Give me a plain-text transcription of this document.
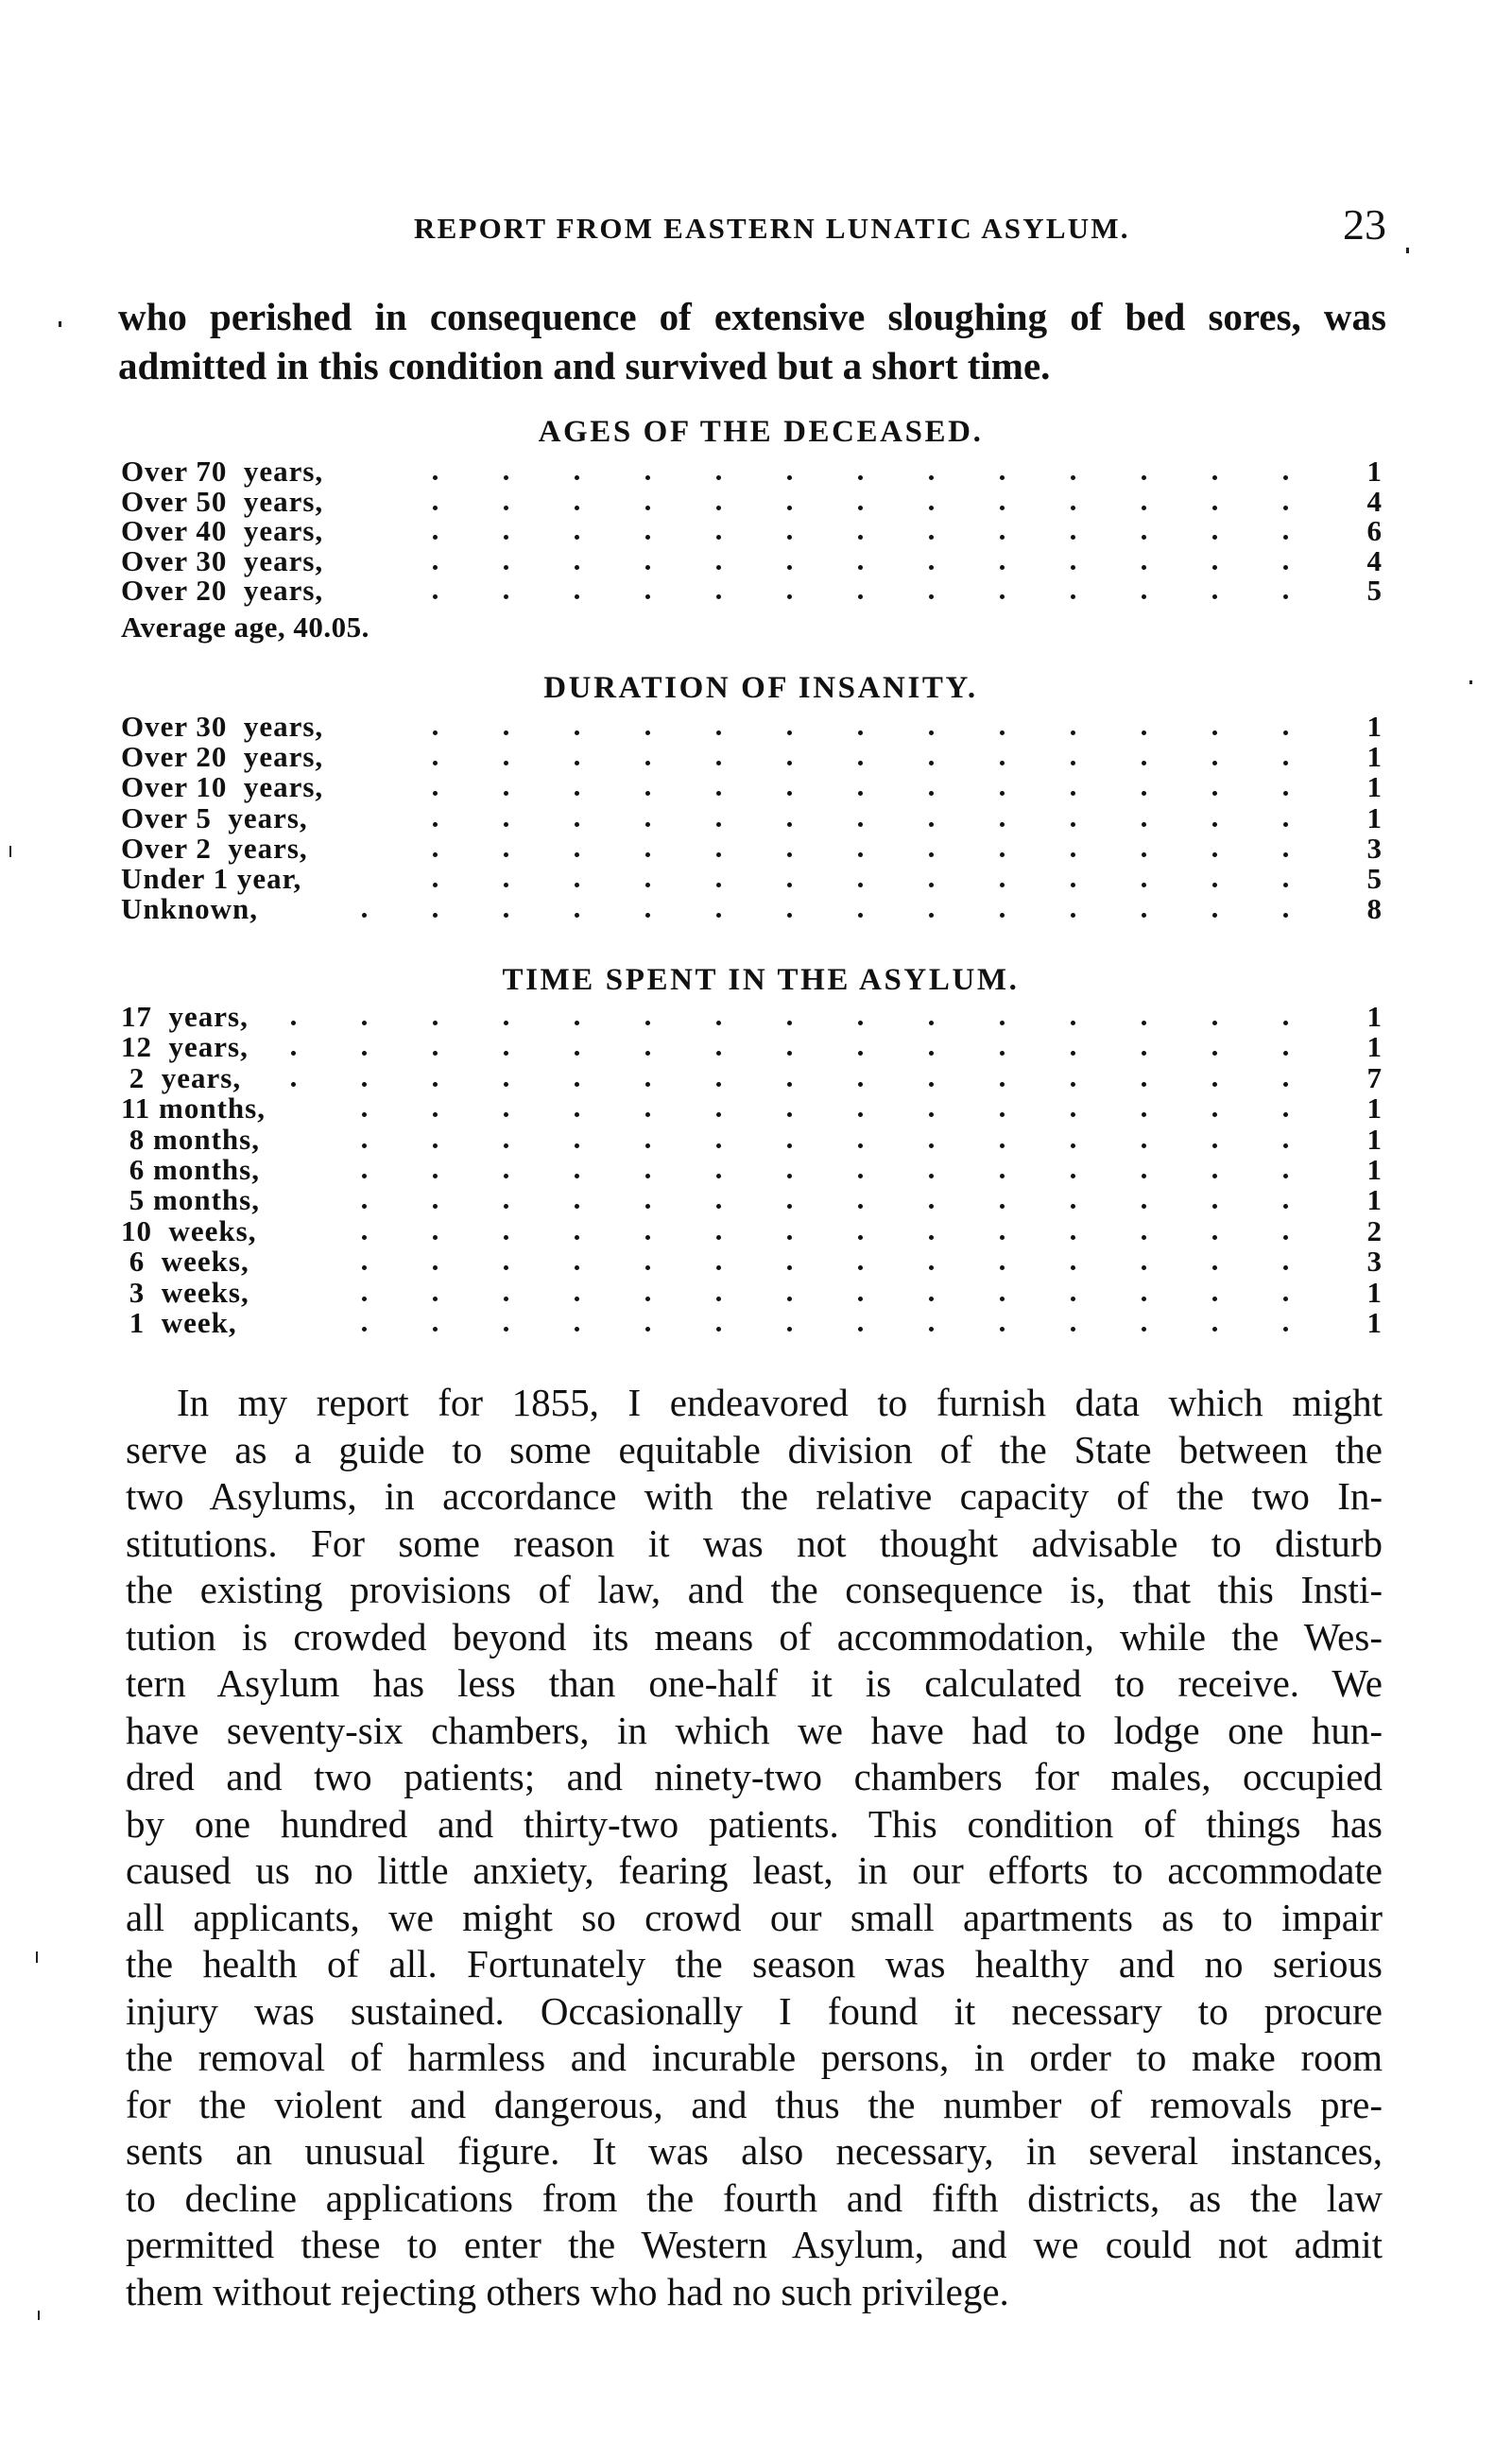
REPORT FROM EASTERN LUNATIC ASYLUM.	23
who perished in consequence of extensive sloughing of bed sores, was
admitted in this condition and survived but a short time.
AGES OF THE DECEASED.
Over 70  years,	1
Over 50  years,	4
Over 40  years,	6
Over 30  years,	4
Over 20  years,	5
Average age, 40.05.
DURATION OF INSANITY.
Over 30  years,	1
Over 20  years,	1
Over 10  years,	1
Over 5  years,	1
Over 2  years,	3
Under 1 year,	5
Unknown,	8
TIME SPENT IN THE ASYLUM.
17  years,	1
12  years,	1
2  years,	7
11 months,	1
8 months,	1
6 months,	1
5 months,	1
10  weeks,	2
6  weeks,	3
3  weeks,	1
1  week,	1
In my report for 1855, I endeavored to furnish data which might
serve as a guide to some equitable division of the State between the
two Asylums, in accordance with the relative capacity of the two In-
stitutions. For some reason it was not thought advisable to disturb
the existing provisions of law, and the consequence is, that this Insti-
tution is crowded beyond its means of accommodation, while the Wes-
tern Asylum has less than one-half it is calculated to receive. We
have seventy-six chambers, in which we have had to lodge one hun-
dred and two patients; and ninety-two chambers for males, occupied
by one hundred and thirty-two patients. This condition of things has
caused us no little anxiety, fearing least, in our efforts to accommodate
all applicants, we might so crowd our small apartments as to impair
the health of all. Fortunately the season was healthy and no serious
injury was sustained. Occasionally I found it necessary to procure
the removal of harmless and incurable persons, in order to make room
for the violent and dangerous, and thus the number of removals pre-
sents an unusual figure. It was also necessary, in several instances,
to decline applications from the fourth and fifth districts, as the law
permitted these to enter the Western Asylum, and we could not admit
them without rejecting others who had no such privilege.
